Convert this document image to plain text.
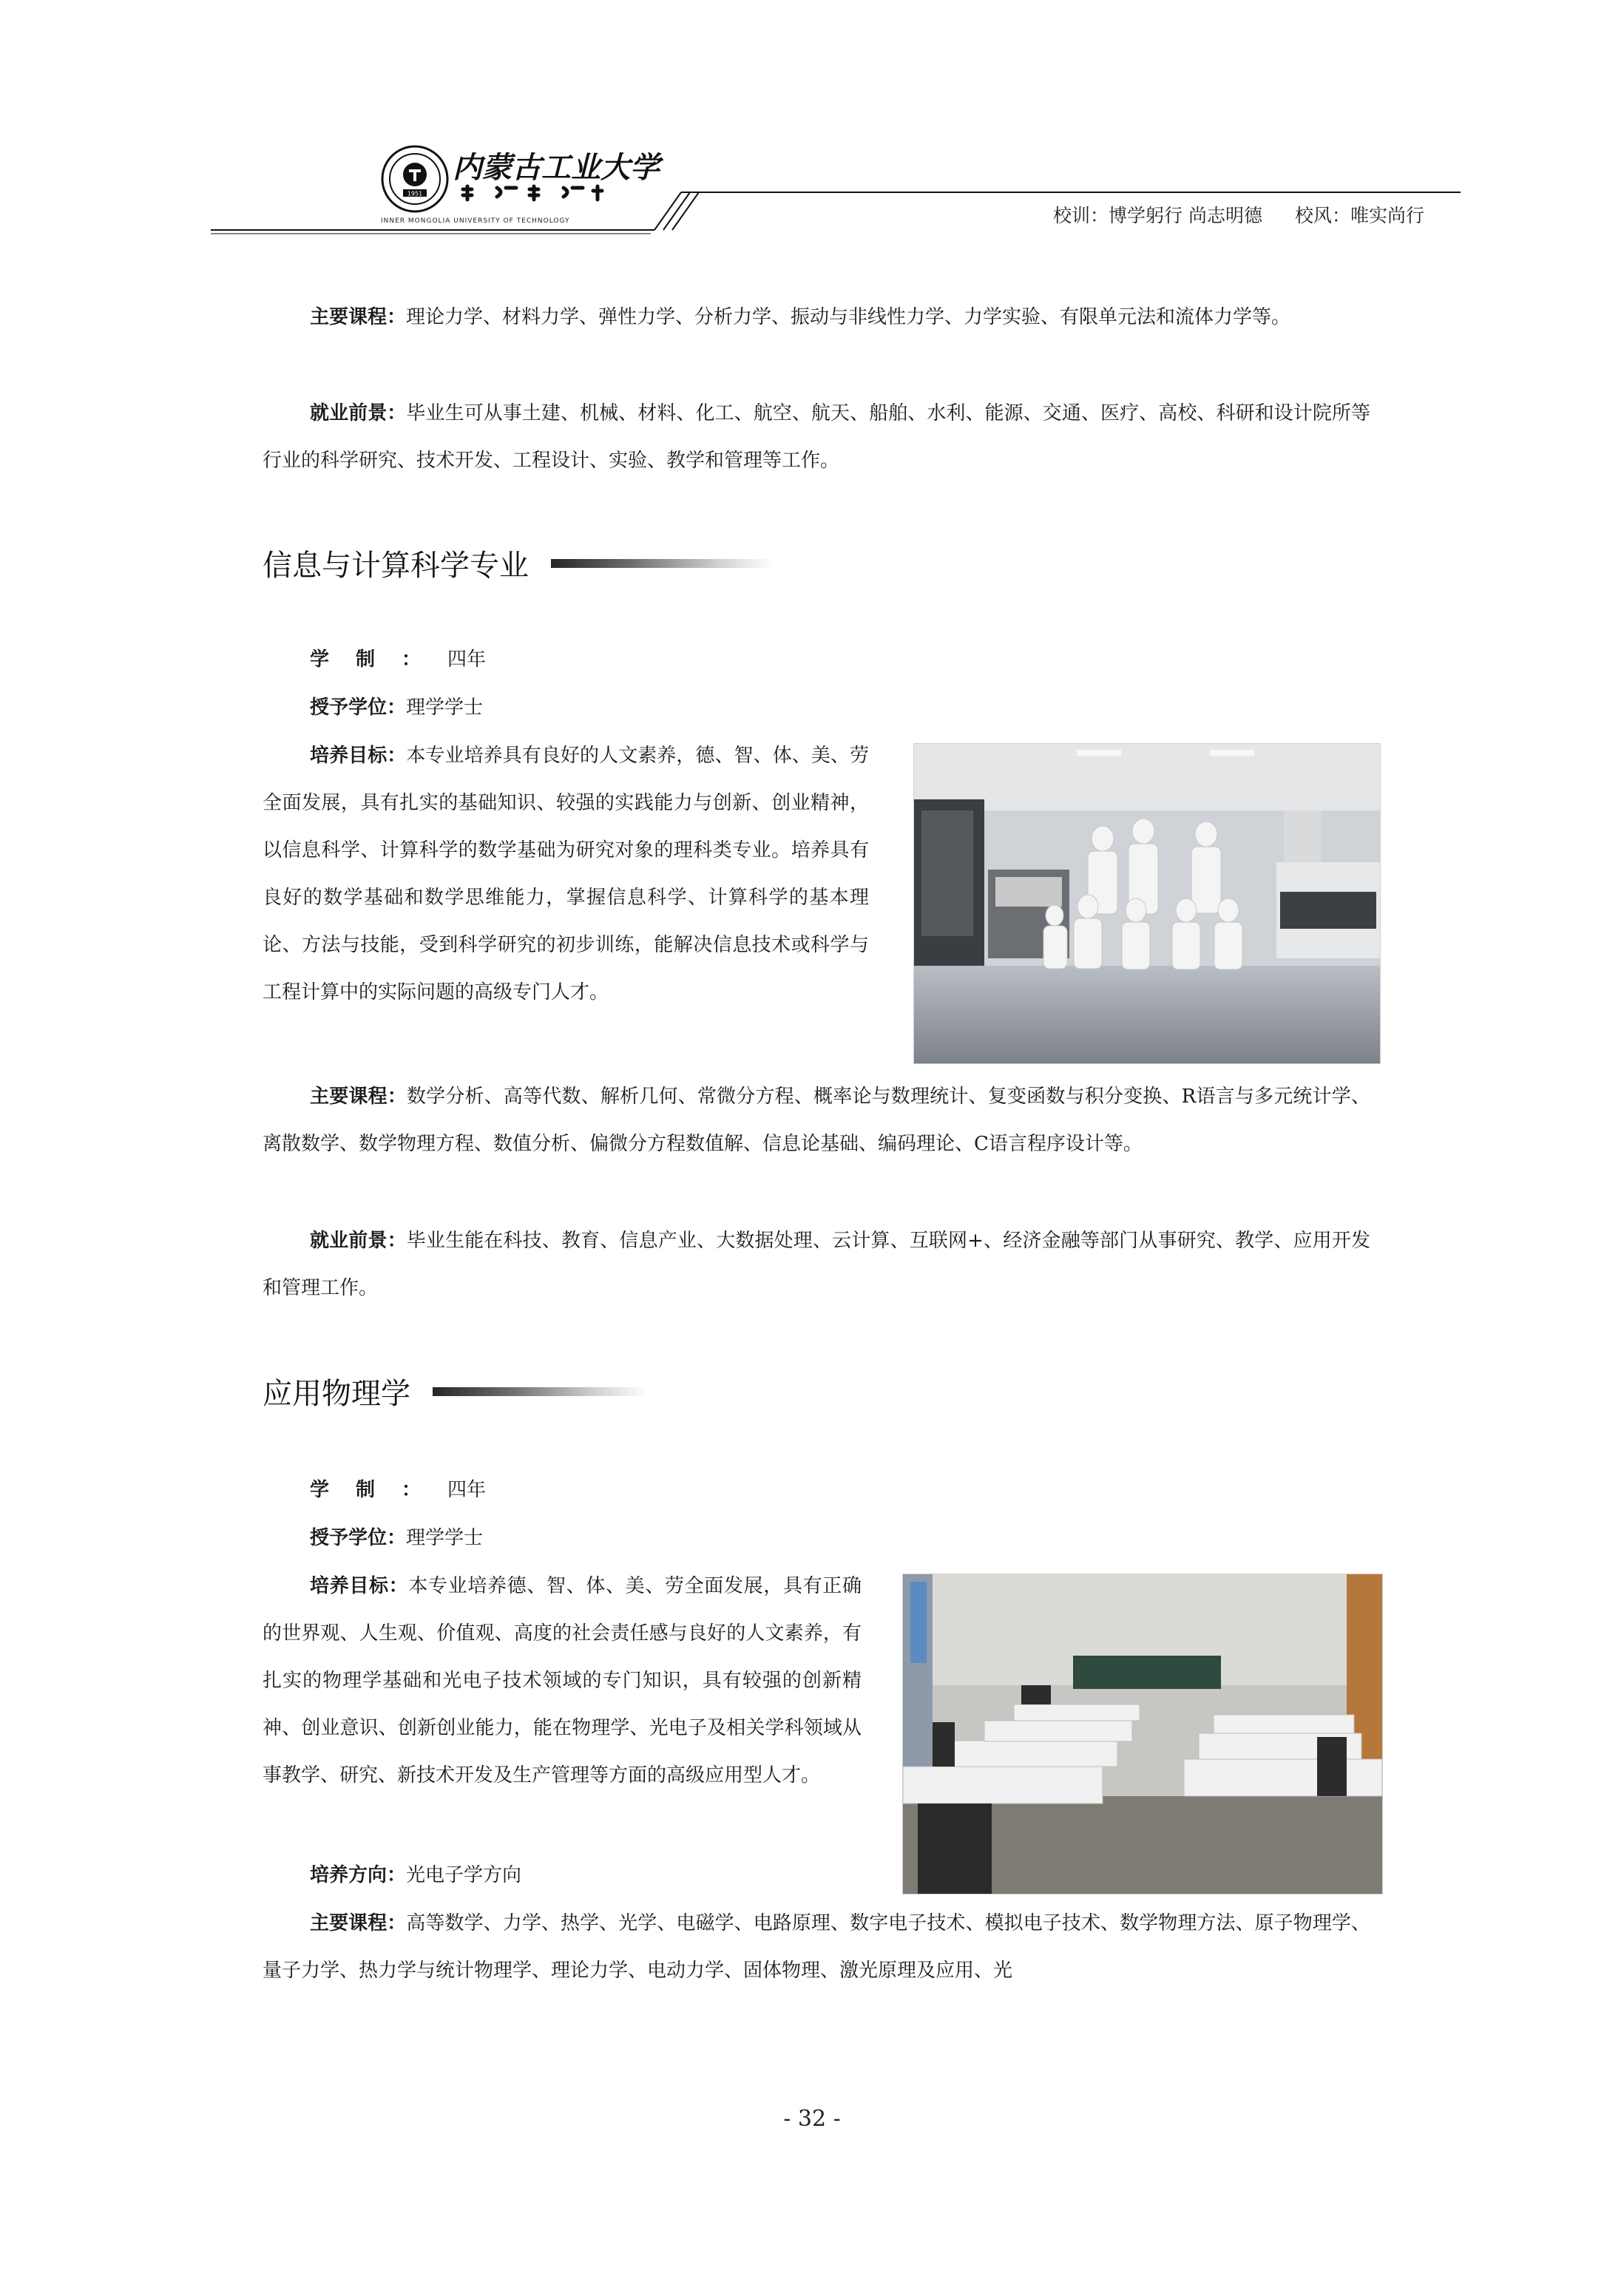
1951
内蒙古工业大学
INNER MONGOLIA UNIVERSITY OF TECHNOLOGY	校训：博学躬行 尚志明德 校风：唯实尚行
主要课程：理论力学、材料力学、弹性力学、分析力学、振动与非线性力学、力学实验、有限单元法和流体力学等。
就业前景：毕业生可从事土建、机械、材料、化工、航空、航天、船舶、水利、能源、交通、医疗、高校、科研和设计院所等行业的科学研究、技术开发、工程设计、实验、教学和管理等工作。
信息与计算科学专业
学制：四年
授予学位：理学学士
培养目标：本专业培养具有良好的人文素养，德、智、体、美、劳全面发展，具有扎实的基础知识、较强的实践能力与创新、创业精神，以信息科学、计算科学的数学基础为研究对象的理科类专业。培养具有良好的数学基础和数学思维能力，掌握信息科学、计算科学的基本理论、方法与技能，受到科学研究的初步训练，能解决信息技术或科学与工程计算中的实际问题的高级专门人才。
主要课程：数学分析、高等代数、解析几何、常微分方程、概率论与数理统计、复变函数与积分变换、R语言与多元统计学、离散数学、数学物理方程、数值分析、偏微分方程数值解、信息论基础、编码理论、C语言程序设计等。
就业前景：毕业生能在科技、教育、信息产业、大数据处理、云计算、互联网+、经济金融等部门从事研究、教学、应用开发和管理工作。
应用物理学
学制：四年
授予学位：理学学士
培养目标：本专业培养德、智、体、美、劳全面发展，具有正确的世界观、人生观、价值观、高度的社会责任感与良好的人文素养，有扎实的物理学基础和光电子技术领域的专门知识，具有较强的创新精神、创业意识、创新创业能力，能在物理学、光电子及相关学科领域从事教学、研究、新技术开发及生产管理等方面的高级应用型人才。
培养方向：光电子学方向
主要课程：高等数学、力学、热学、光学、电磁学、电路原理、数字电子技术、模拟电子技术、数学物理方法、原子物理学、量子力学、热力学与统计物理学、理论力学、电动力学、固体物理、激光原理及应用、光
- 32 -
